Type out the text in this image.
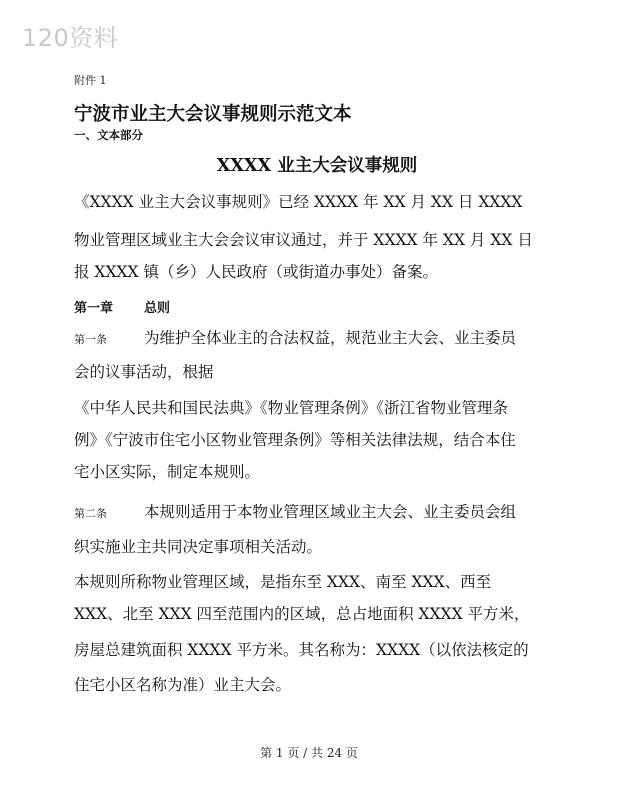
120资料
附件 1
宁波市业主大会议事规则示范文本
一、文本部分
XXXX 业主大会议事规则
《XXXX 业主大会议事规则》已经 XXXX 年 XX 月 XX 日 XXXX
物业管理区域业主大会会议审议通过，并于 XXXX 年 XX 月 XX 日
报 XXXX 镇（乡）人民政府（或街道办事处）备案。
第一章 总则
第一条 为维护全体业主的合法权益，规范业主大会、业主委员
会的议事活动，根据
《中华人民共和国民法典》《物业管理条例》《浙江省物业管理条
例》《宁波市住宅小区物业管理条例》等相关法律法规，结合本住
宅小区实际，制定本规则。
第二条 本规则适用于本物业管理区域业主大会、业主委员会组
织实施业主共同决定事项相关活动。
本规则所称物业管理区域，是指东至 XXX、南至 XXX、西至
XXX、北至 XXX 四至范围内的区域，总占地面积 XXXX 平方米，
房屋总建筑面积 XXXX 平方米。其名称为：XXXX（以依法核定的
住宅小区名称为准）业主大会。
第 1 页 / 共 24 页
